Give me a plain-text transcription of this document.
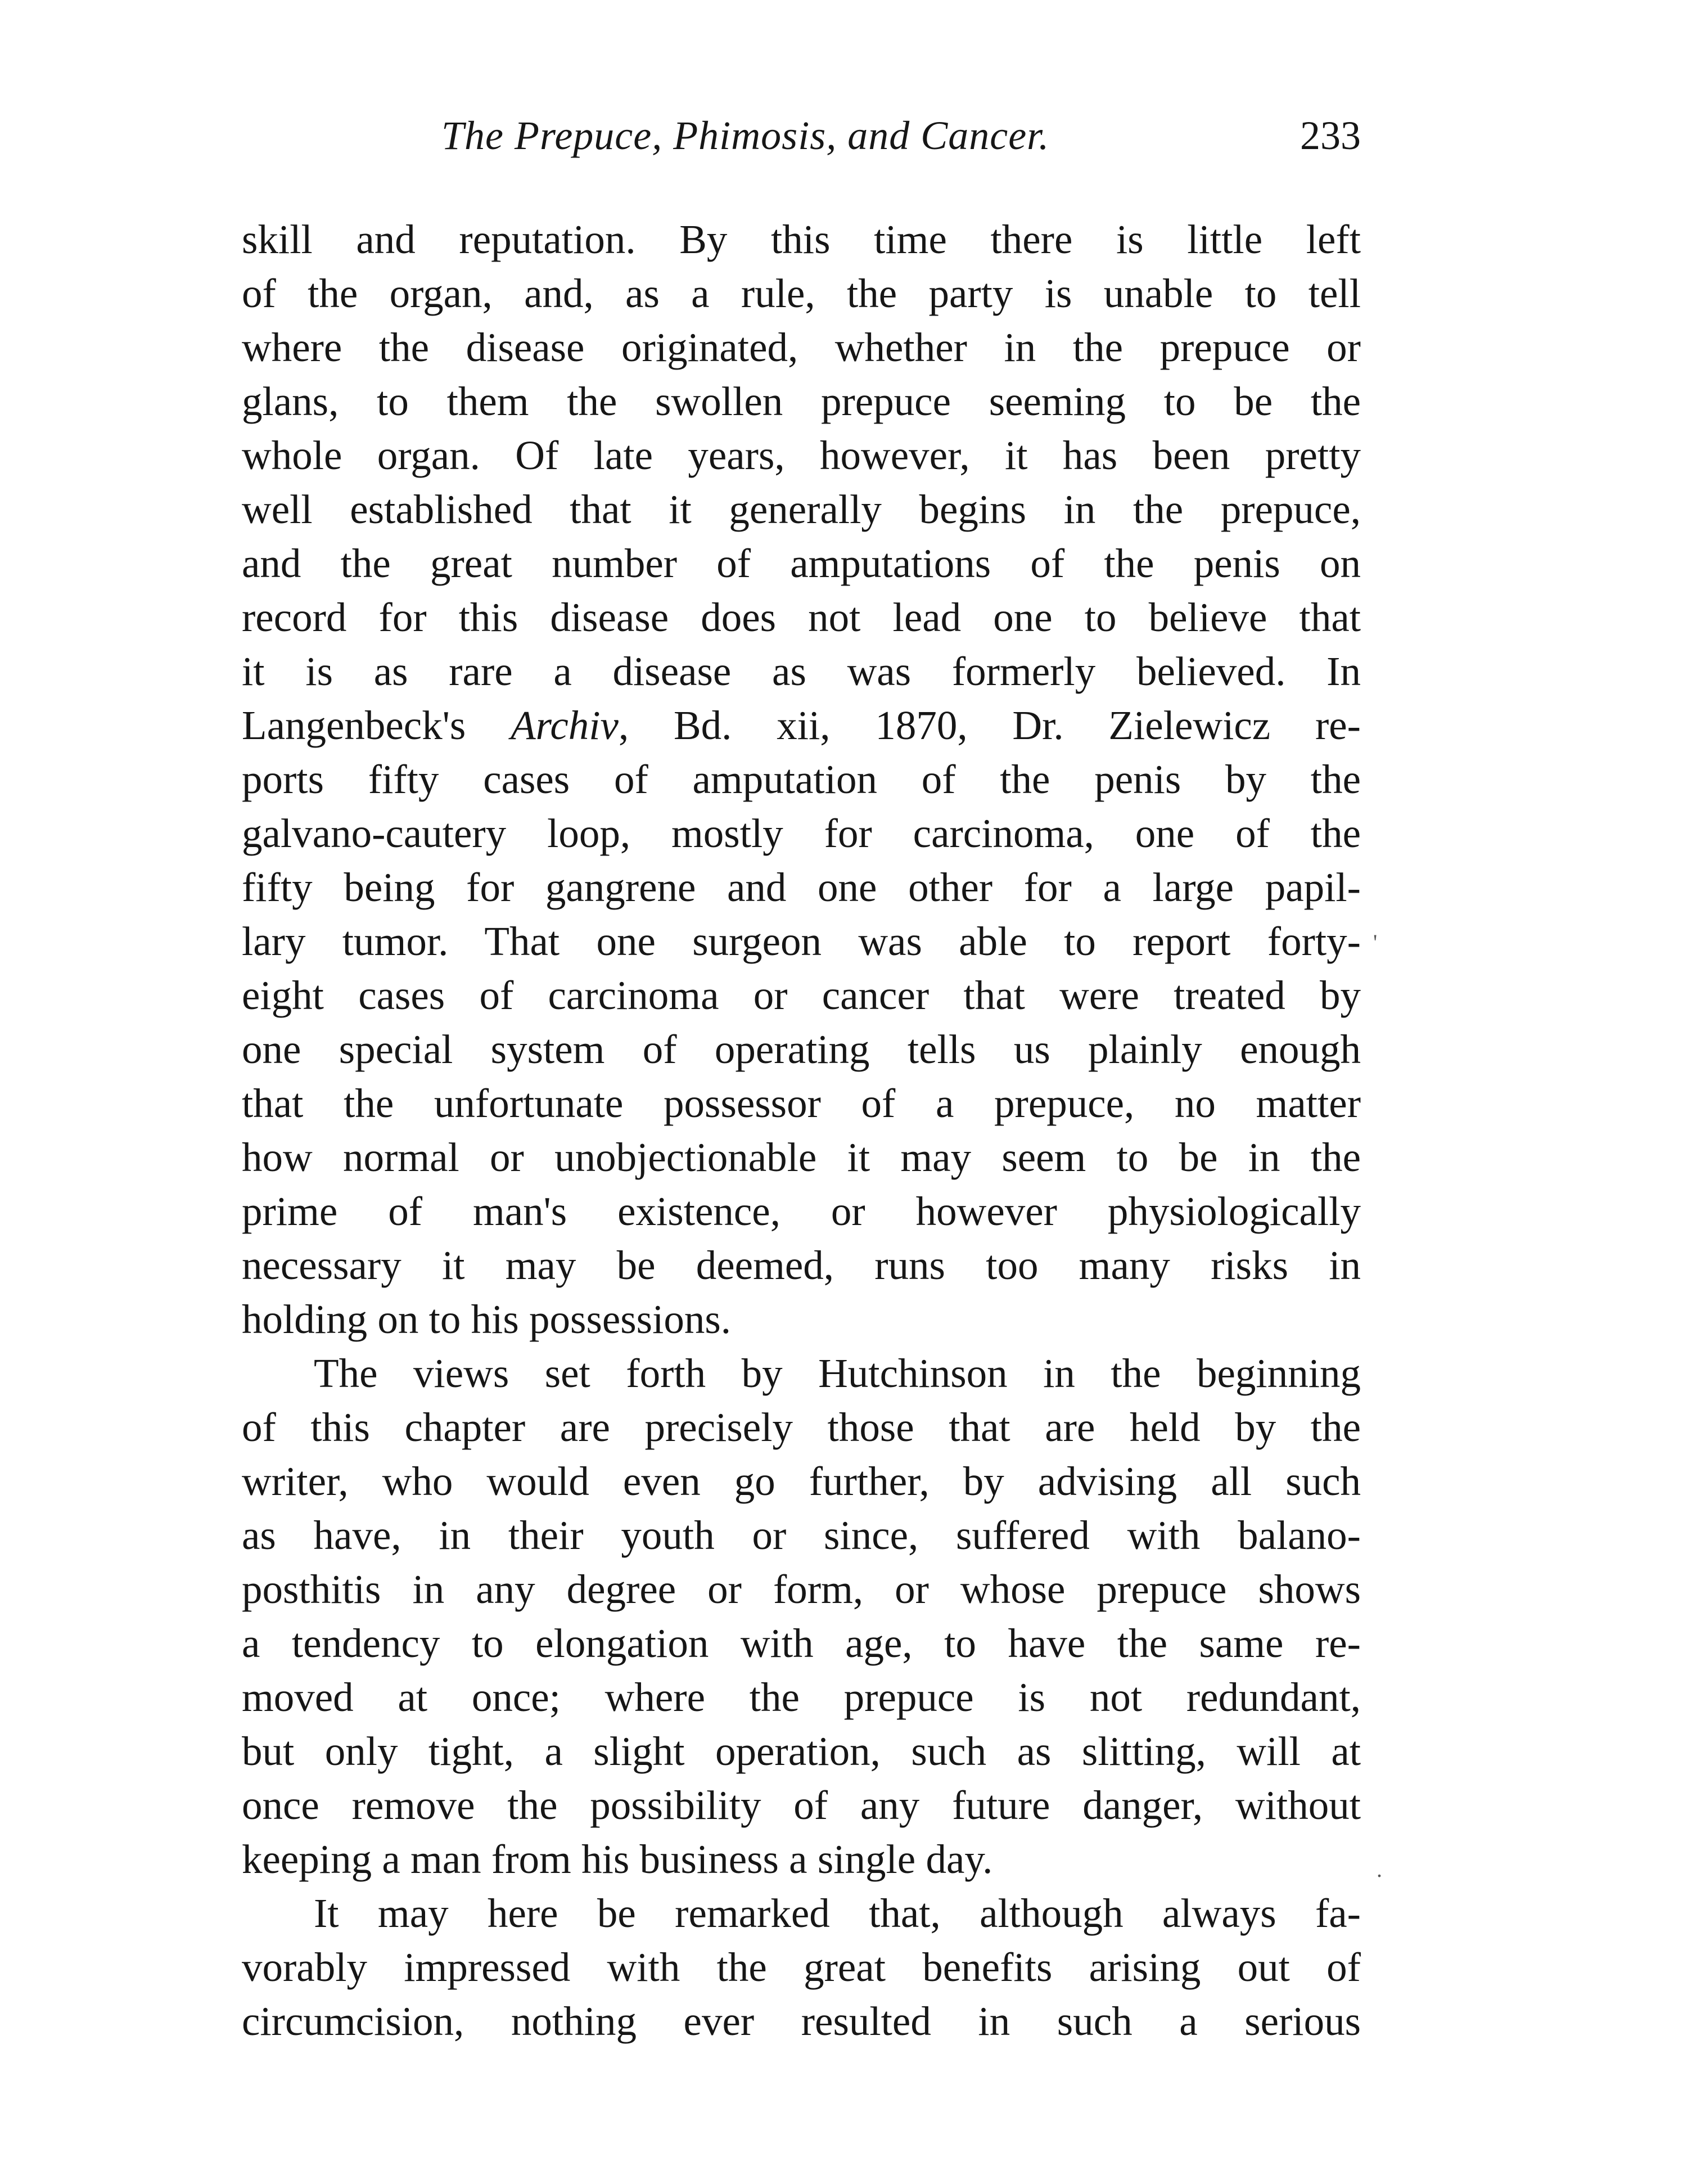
The Prepuce, Phimosis, and Cancer.	233
skill and reputation. By this time there is little left
of the organ, and, as a rule, the party is unable to tell
where the disease originated, whether in the prepuce or
glans, to them the swollen prepuce seeming to be the
whole organ. Of late years, however, it has been pretty
well established that it generally begins in the prepuce,
and the great number of amputations of the penis on
record for this disease does not lead one to believe that
it is as rare a disease as was formerly believed. In
Langenbeck's Archiv, Bd. xii, 1870, Dr. Zielewicz re-
ports fifty cases of amputation of the penis by the
galvano-cautery loop, mostly for carcinoma, one of the
fifty being for gangrene and one other for a large papil-
lary tumor. That one surgeon was able to report forty-
eight cases of carcinoma or cancer that were treated by
one special system of operating tells us plainly enough
that the unfortunate possessor of a prepuce, no matter
how normal or unobjectionable it may seem to be in the
prime of man's existence, or however physiologically
necessary it may be deemed, runs too many risks in
holding on to his possessions.
The views set forth by Hutchinson in the beginning
of this chapter are precisely those that are held by the
writer, who would even go further, by advising all such
as have, in their youth or since, suffered with balano-
posthitis in any degree or form, or whose prepuce shows
a tendency to elongation with age, to have the same re-
moved at once; where the prepuce is not redundant,
but only tight, a slight operation, such as slitting, will at
once remove the possibility of any future danger, without
keeping a man from his business a single day.
It may here be remarked that, although always fa-
vorably impressed with the great benefits arising out of
circumcision, nothing ever resulted in such a serious
'
.
